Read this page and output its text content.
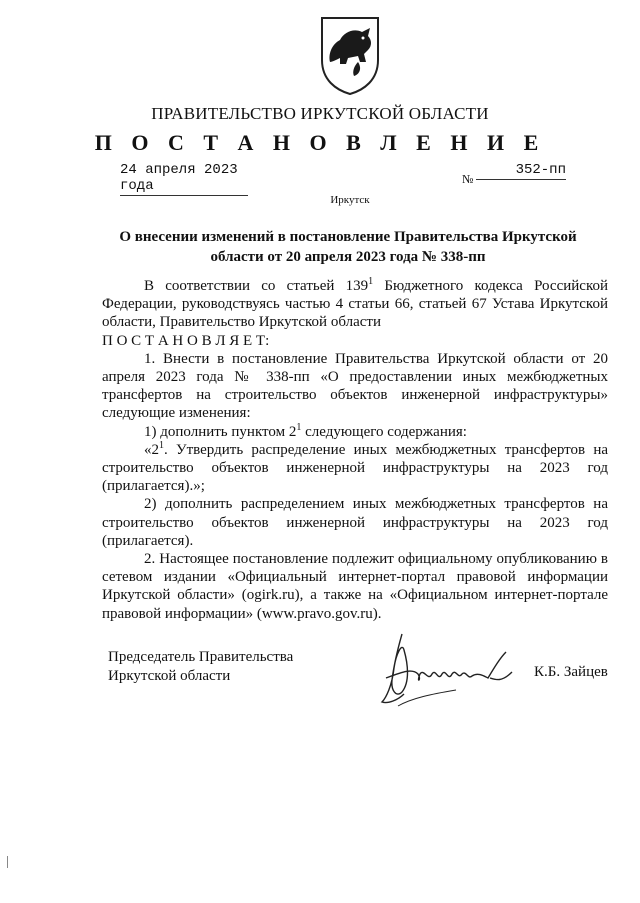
ПРАВИТЕЛЬСТВО ИРКУТСКОЙ ОБЛАСТИ
П О С Т А Н О В Л Е Н И Е
24 апреля 2023 года	№
352-пп
Иркутск
О внесении изменений в постановление Правительства Иркутской
области от 20 апреля 2023 года № 338-пп

В соответствии со статьей $139^1$ Бюджетного кодекса Российской Федерации, руководствуясь частью 4 статьи 66, статьей 67 Устава Иркутской области, Правительство Иркутской области

П О С Т А Н О В Л Я Е Т:

1. Внести в постановление Правительства Иркутской области от 20 апреля 2023 года № 338-пп «О предоставлении иных межбюджетных трансфертов на строительство объектов инженерной инфраструктуры» следующие изменения:

1) дополнить пунктом $2^1$ следующего содержания:

«$2^1$. Утвердить распределение иных межбюджетных трансфертов на строительство объектов инженерной инфраструктуры на 2023 год (прилагается).»;

2) дополнить распределением иных межбюджетных трансфертов на строительство объектов инженерной инфраструктуры на 2023 год (прилагается).

2. Настоящее постановление подлежит официальному опубликованию в сетевом издании «Официальный интернет-портал правовой информации Иркутской области» (ogirk.ru), а также на «Официальном интернет-портале правовой информации» (www.pravo.gov.ru).

Председатель Правительства
Иркутской области	К.Б. Зайцев
